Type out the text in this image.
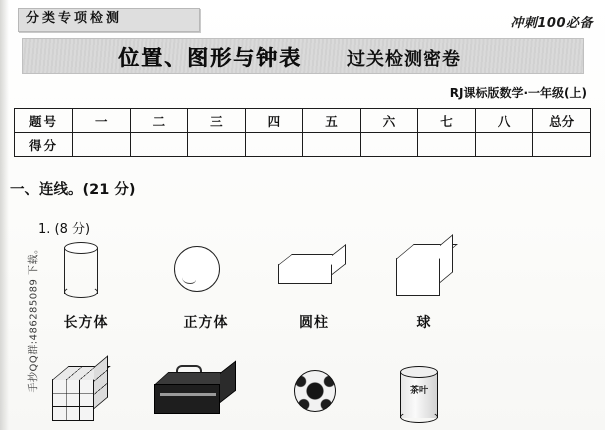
分类专项检测	冲刺100必备
位置、图形与钟表	过关检测密卷
RJ课标版数学·一年级(上)
题号	一	二	三	四	五	六	七	八	总分
得分									
一、连线。(21 分)
1. (8 分)
长方体	正方体	圆柱	球
茶叶
手抄QQ群:486285089 下载。
